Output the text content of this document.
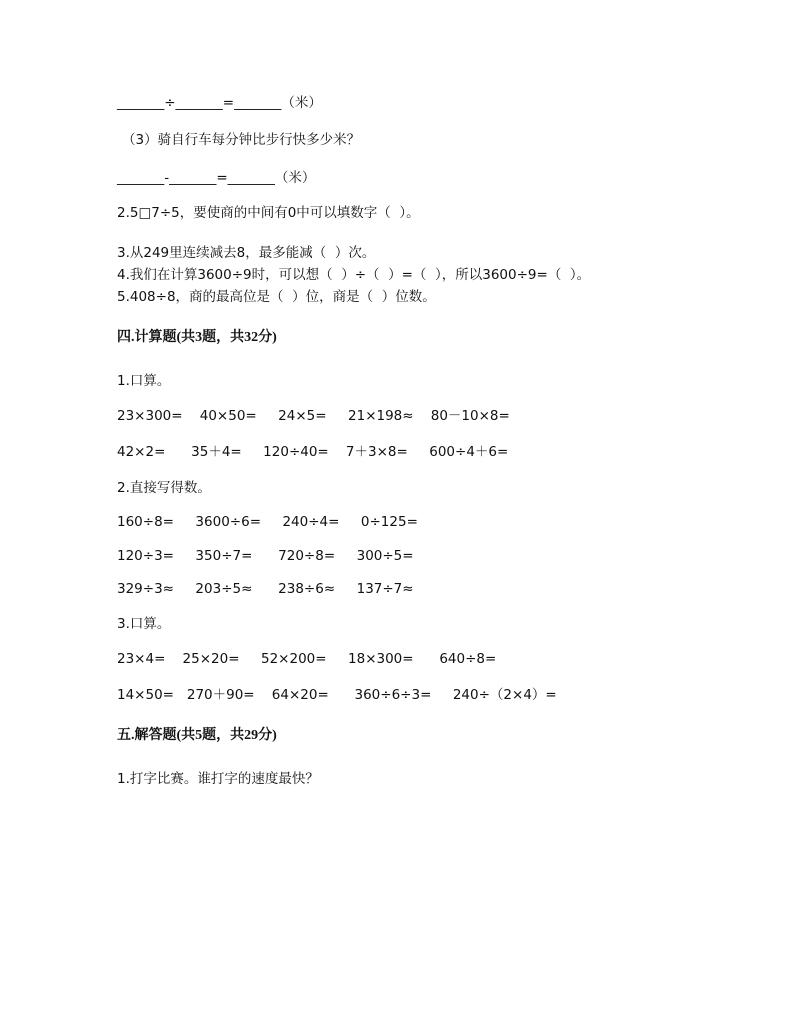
_______÷_______=_______（米）
（3）骑自行车每分钟比步行快多少米？
_______-_______=_______（米）
2.5□7÷5，要使商的中间有0中可以填数字（  ）。
3.从249里连续减去8，最多能减（  ）次。
4.我们在计算3600÷9时，可以想（  ）÷（  ）=（  ），所以3600÷9=（  ）。
5.408÷8，商的最高位是（  ）位，商是（  ）位数。
四.计算题(共3题，共32分)
1.口算。
23×300=    40×50=     24×5=     21×198≈    80－10×8=
42×2=      35＋4=     120÷40=    7＋3×8=     600÷4＋6=
2.直接写得数。
160÷8=     3600÷6=     240÷4=     0÷125=
120÷3=     350÷7=      720÷8=     300÷5=
329÷3≈     203÷5≈      238÷6≈     137÷7≈
3.口算。
23×4=    25×20=     52×200=     18×300=      640÷8=
14×50=   270＋90=    64×20=      360÷6÷3=     240÷（2×4）=
五.解答题(共5题，共29分)
1.打字比赛。谁打字的速度最快？
